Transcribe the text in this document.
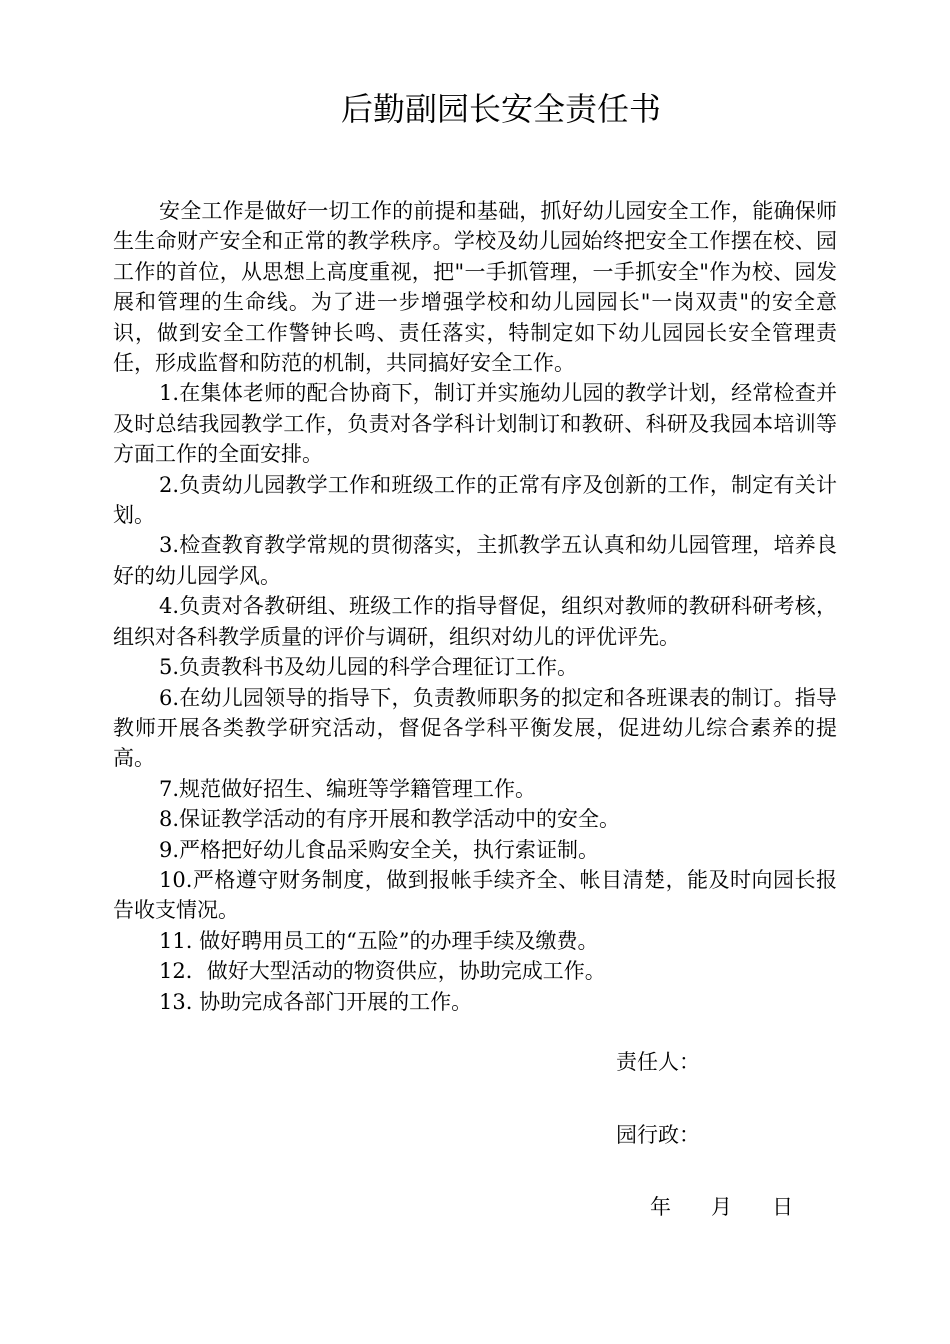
后勤副园长安全责任书

安全工作是做好一切工作的前提和基础，抓好幼儿园安全工作，能确保师生生命财产安全和正常的教学秩序。学校及幼儿园始终把安全工作摆在校、园工作的首位，从思想上高度重视，把"一手抓管理，一手抓安全"作为校、园发展和管理的生命线。为了进一步增强学校和幼儿园园长"一岗双责"的安全意识，做到安全工作警钟长鸣、责任落实，特制定如下幼儿园园长安全管理责任，形成监督和防范的机制，共同搞好安全工作。

1.在集体老师的配合协商下，制订并实施幼儿园的教学计划，经常检查并及时总结我园教学工作，负责对各学科计划制订和教研、科研及我园本培训等方面工作的全面安排。

2.负责幼儿园教学工作和班级工作的正常有序及创新的工作，制定有关计划。

3.检查教育教学常规的贯彻落实，主抓教学五认真和幼儿园管理，培养良好的幼儿园学风。

4.负责对各教研组、班级工作的指导督促，组织对教师的教研科研考核，组织对各科教学质量的评价与调研，组织对幼儿的评优评先。

5.负责教科书及幼儿园的科学合理征订工作。

6.在幼儿园领导的指导下，负责教师职务的拟定和各班课表的制订。指导教师开展各类教学研究活动，督促各学科平衡发展，促进幼儿综合素养的提高。

7.规范做好招生、编班等学籍管理工作。

8.保证教学活动的有序开展和教学活动中的安全。

9.严格把好幼儿食品采购安全关，执行索证制。

10.严格遵守财务制度，做到报帐手续齐全、帐目清楚，能及时向园长报告收支情况。

11. 做好聘用员工的“五险”的办理手续及缴费。

12．做好大型活动的物资供应，协助完成工作。

13. 协助完成各部门开展的工作。

责任人：
园行政：
年      月      日
